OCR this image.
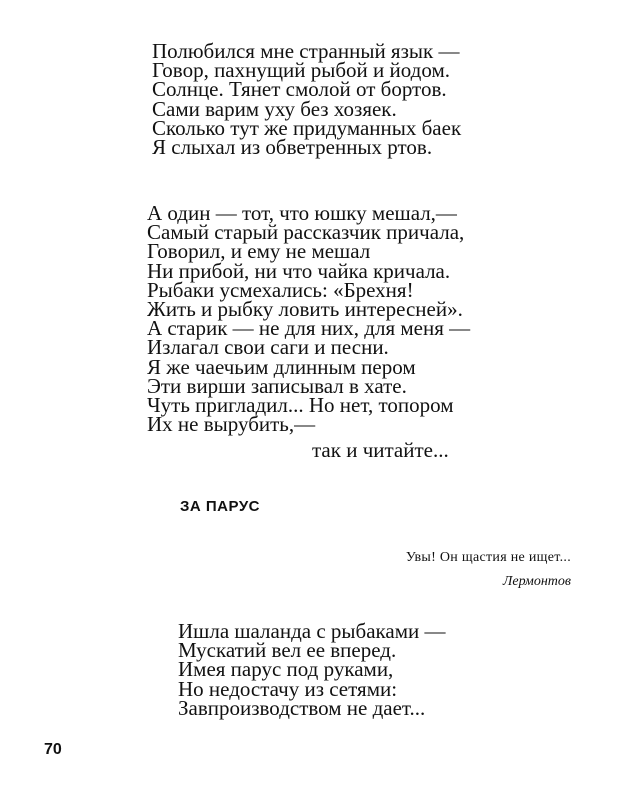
Полюбился мне странный язык —
Говор, пахнущий рыбой и йодом.
Солнце. Тянет смолой от бортов.
Сами варим уху без хозяек.
Сколько тут же придуманных баек
Я слыхал из обветренных ртов.
А один — тот, что юшку мешал,—
Самый старый рассказчик причала,
Говорил, и ему не мешал
Ни прибой, ни что чайка кричала.
Рыбаки усмехались: «Брехня!
Жить и рыбку ловить интересней».
А старик — не для них, для меня —
Излагал свои саги и песни.
Я же чаечьим длинным пером
Эти вирши записывал в хате.
Чуть пригладил... Но нет, топором
Их не вырубить,—
так и читайте...
ЗА ПАРУС
Увы! Он щастия не ищет...
Лермонтов
Ишла шаланда с рыбаками —
Мускатий вел ее вперед.
Имея парус под руками,
Но недостачу из сетями:
Завпроизводством не дает...
70
